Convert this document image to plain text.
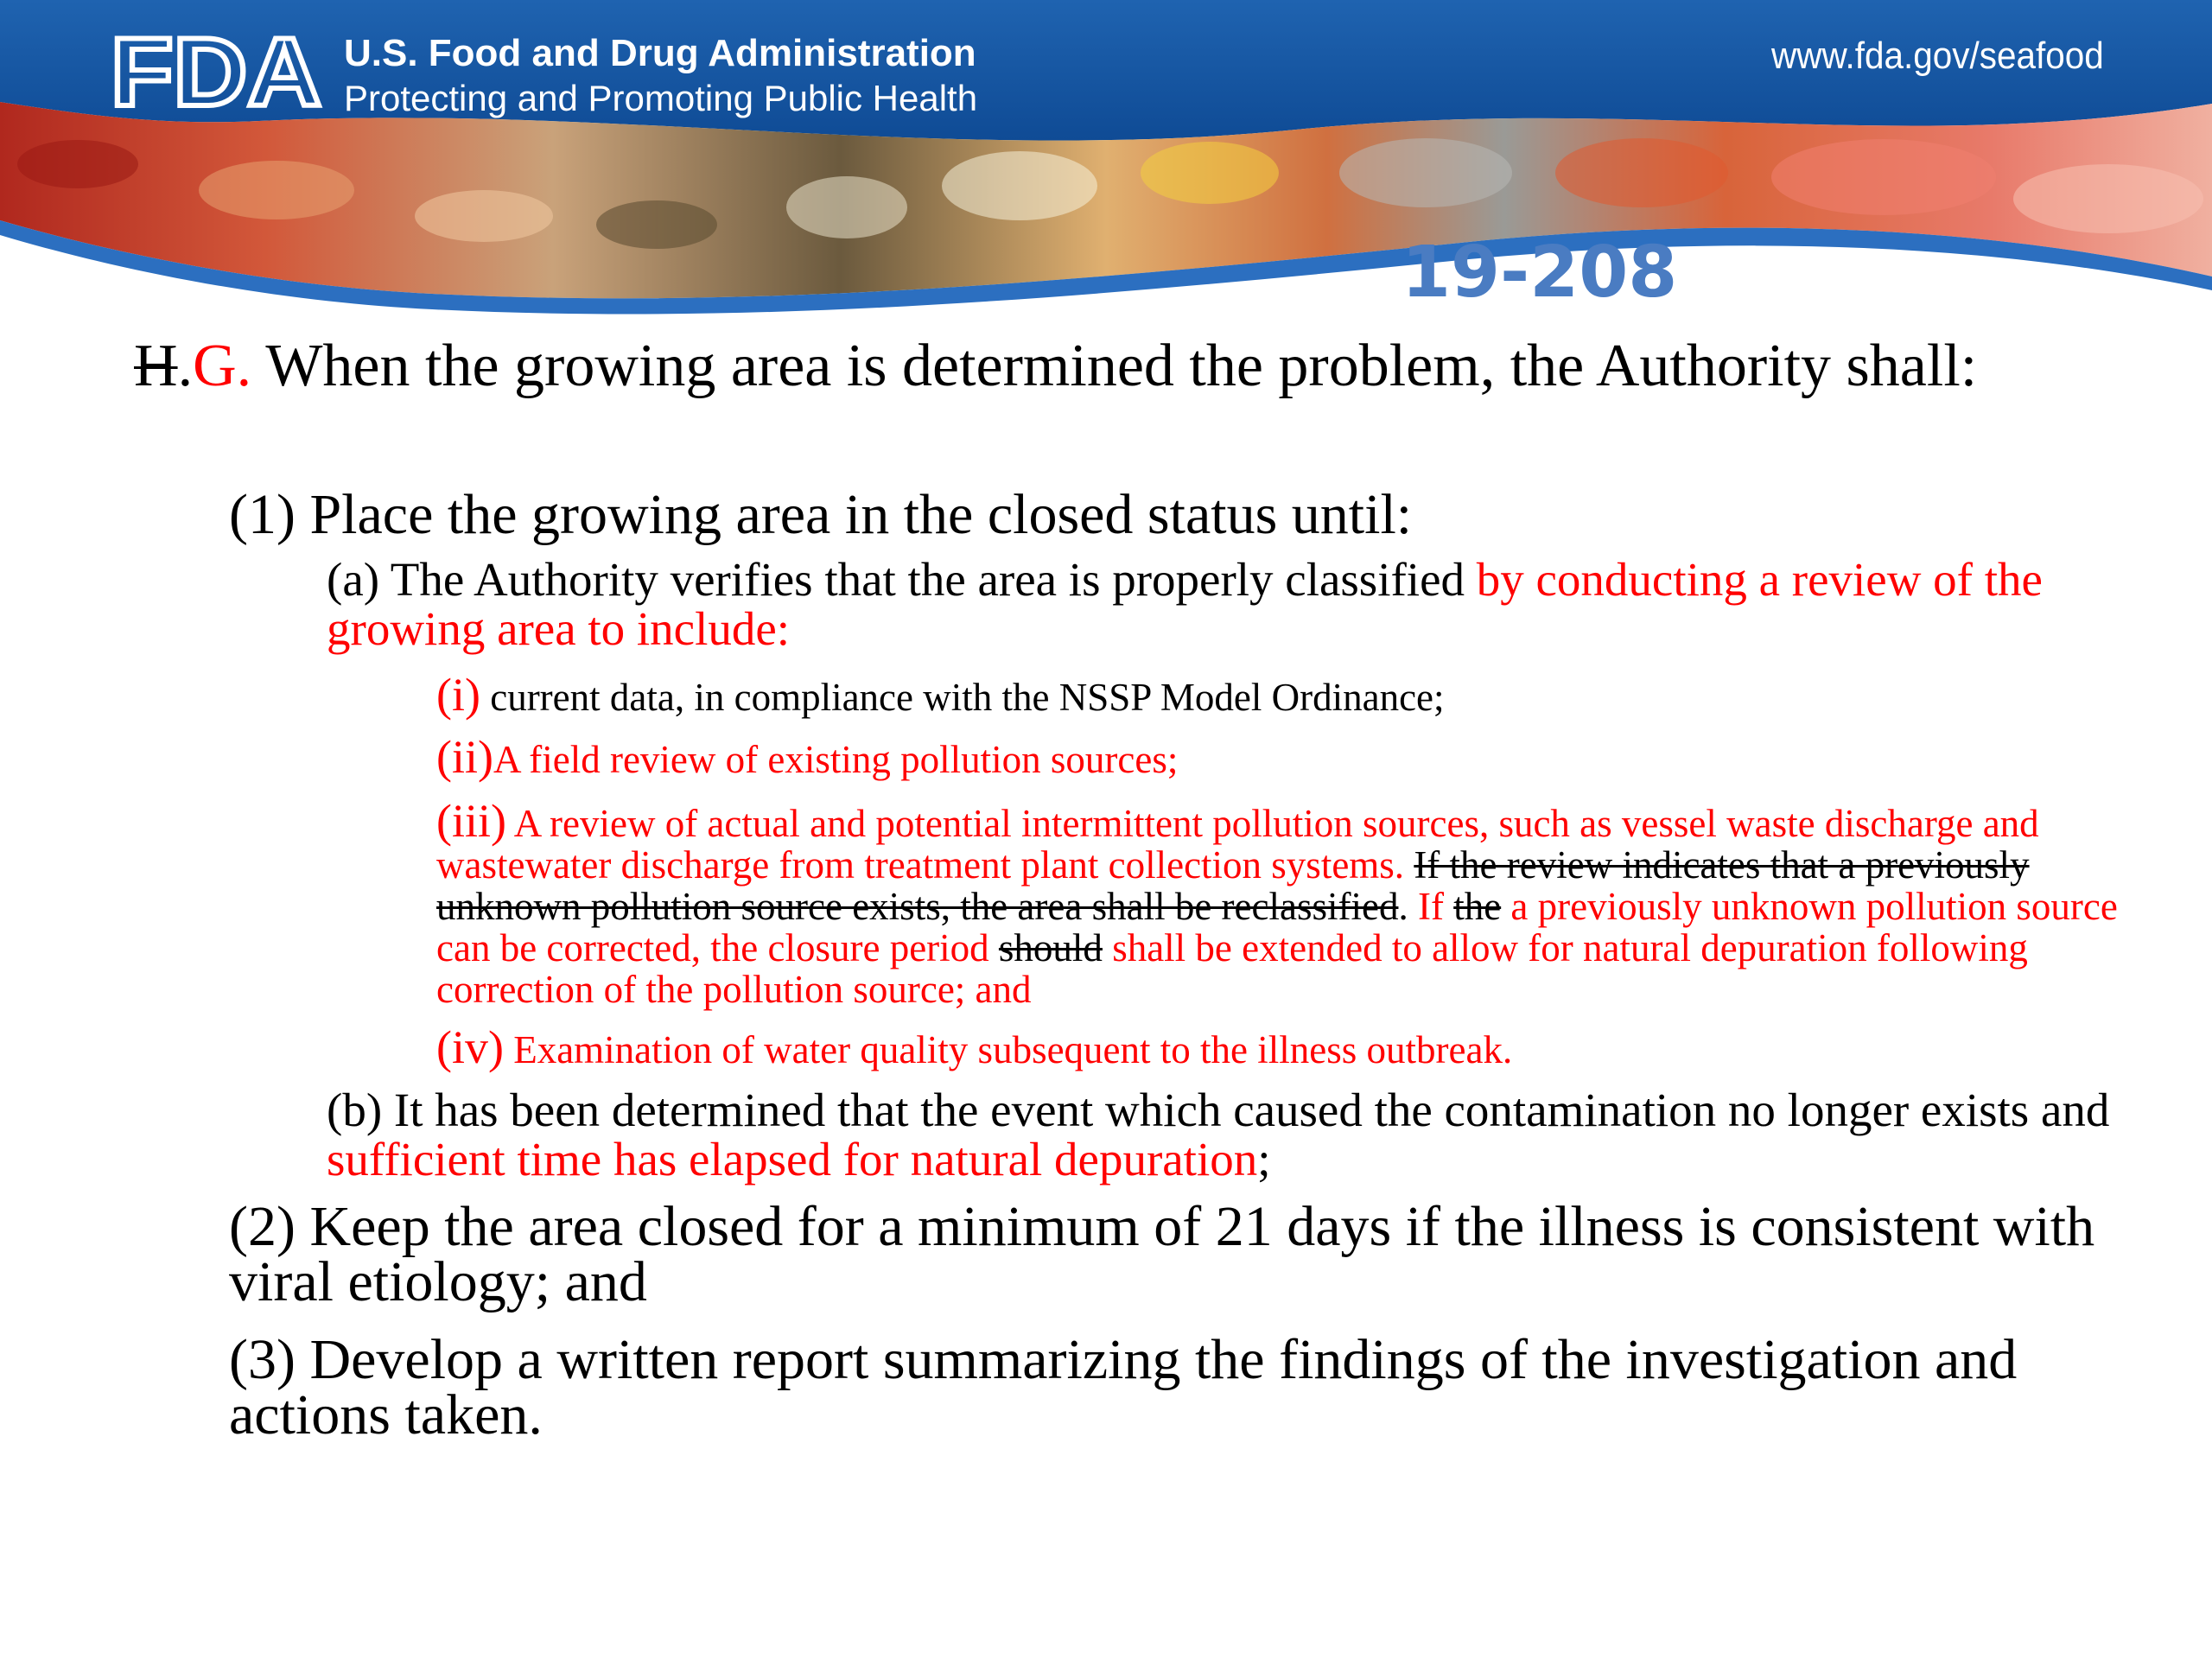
FDA U.S. Food and Drug Administration
Protecting and Promoting Public Health
www.fda.gov/seafood
19-208

H.G. When the growing area is determined the problem, the Authority shall:

(1) Place the growing area in the closed status until:

(a) The Authority verifies that the area is properly classified by conducting a review of the growing area to include:

(i) current data, in compliance with the NSSP Model Ordinance;

(ii)A field review of existing pollution sources;

(iii) A review of actual and potential intermittent pollution sources, such as vessel waste discharge and wastewater discharge from treatment plant collection systems. If the review indicates that a previously unknown pollution source exists, the area shall be reclassified. If the a previously unknown pollution source can be corrected, the closure period should shall be extended to allow for natural depuration following correction of the pollution source; and

(iv) Examination of water quality subsequent to the illness outbreak.

(b) It has been determined that the event which caused the contamination no longer exists and sufficient time has elapsed for natural depuration;

(2) Keep the area closed for a minimum of 21 days if the illness is consistent with viral etiology; and

(3) Develop a written report summarizing the findings of the investigation and actions taken.
